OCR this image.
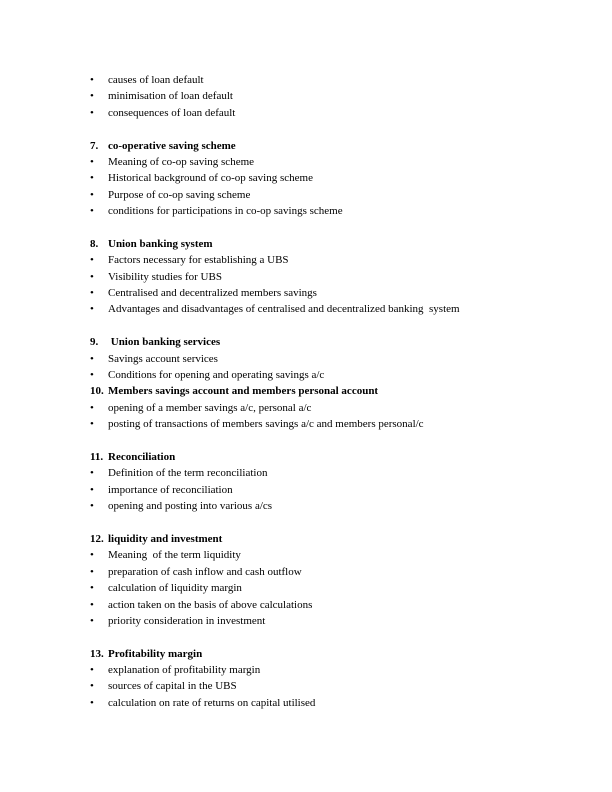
• causes of loan default
• minimisation of loan default
• consequences of loan default
7. co-operative saving scheme
• Meaning of co-op saving scheme
• Historical background of co-op saving scheme
• Purpose of co-op saving scheme
• conditions for participations in co-op savings scheme
8. Union banking system
• Factors necessary for establishing a UBS
• Visibility studies for UBS
• Centralised and decentralized members savings
• Advantages and disadvantages of centralised and decentralized banking  system
9. Union banking services
• Savings account services
• Conditions for opening and operating savings a/c
10. Members savings account and members personal account
• opening of a member savings a/c, personal a/c
• posting of transactions of members savings a/c and members personal/c
11. Reconciliation
• Definition of the term reconciliation
• importance of reconciliation
• opening and posting into various a/cs
12. liquidity and investment
• Meaning  of the term liquidity
• preparation of cash inflow and cash outflow
• calculation of liquidity margin
• action taken on the basis of above calculations
• priority consideration in investment
13. Profitability margin
• explanation of profitability margin
• sources of capital in the UBS
• calculation on rate of returns on capital utilised
